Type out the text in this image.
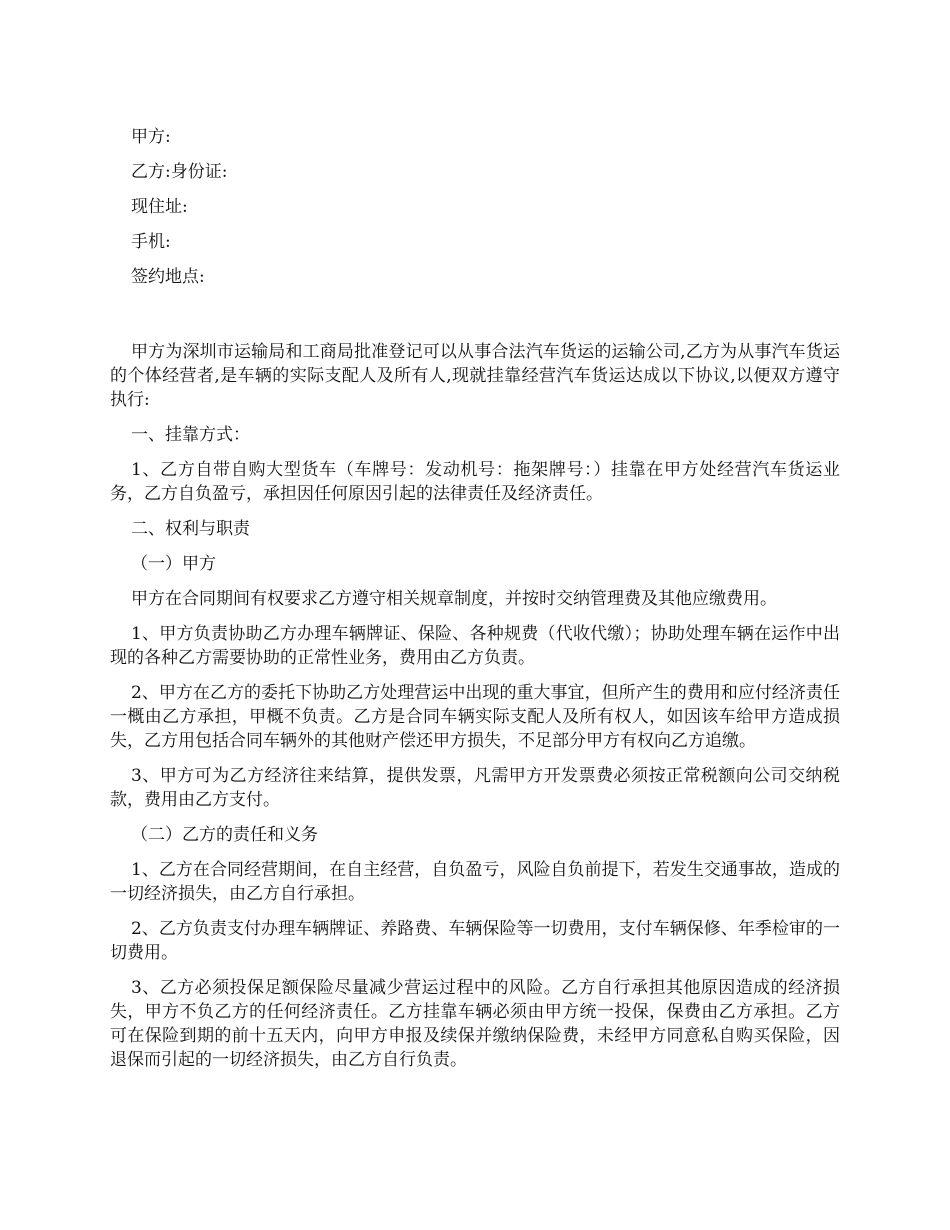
甲方:
乙方:身份证:
现住址:
手机:
签约地点:

甲方为深圳市运输局和工商局批准登记可以从事合法汽车货运的运输公司,乙方为从事汽车货运的个体经营者,是车辆的实际支配人及所有人,现就挂靠经营汽车货运达成以下协议,以便双方遵守执行:

一、挂靠方式：

1、乙方自带自购大型货车（车牌号：发动机号：拖架牌号：）挂靠在甲方处经营汽车货运业务，乙方自负盈亏，承担因任何原因引起的法律责任及经济责任。

二、权利与职责

（一）甲方

甲方在合同期间有权要求乙方遵守相关规章制度，并按时交纳管理费及其他应缴费用。

1、甲方负责协助乙方办理车辆牌证、保险、各种规费（代收代缴）；协助处理车辆在运作中出现的各种乙方需要协助的正常性业务，费用由乙方负责。

2、甲方在乙方的委托下协助乙方处理营运中出现的重大事宜，但所产生的费用和应付经济责任一概由乙方承担，甲概不负责。乙方是合同车辆实际支配人及所有权人，如因该车给甲方造成损失，乙方用包括合同车辆外的其他财产偿还甲方损失，不足部分甲方有权向乙方追缴。

3、甲方可为乙方经济往来结算，提供发票，凡需甲方开发票费必须按正常税额向公司交纳税款，费用由乙方支付。

（二）乙方的责任和义务

1、乙方在合同经营期间，在自主经营，自负盈亏，风险自负前提下，若发生交通事故，造成的一切经济损失，由乙方自行承担。

2、乙方负责支付办理车辆牌证、养路费、车辆保险等一切费用，支付车辆保修、年季检审的一切费用。

3、乙方必须投保足额保险尽量减少营运过程中的风险。乙方自行承担其他原因造成的经济损失，甲方不负乙方的任何经济责任。乙方挂靠车辆必须由甲方统一投保，保费由乙方承担。乙方可在保险到期的前十五天内，向甲方申报及续保并缴纳保险费，未经甲方同意私自购买保险，因退保而引起的一切经济损失，由乙方自行负责。
